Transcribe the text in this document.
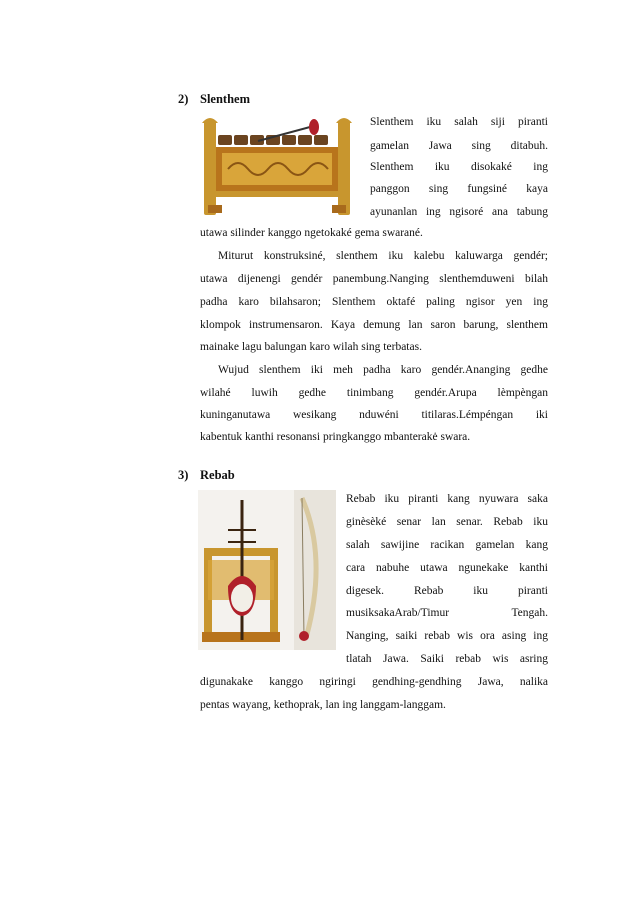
2) Slenthem
Slenthem iku salah siji piranti
gamelan Jawa sing ditabuh.
Slenthem iku disokaké ing
panggon sing fungsiné kaya
ayunanlan ing ngisoré ana tabung
utawa silinder kanggo ngetokaké gema swarané.
Miturut konstruksiné, slenthem iku kalebu kaluwarga gendér;
utawa dijenengi gendér panembung.Nanging slenthemduweni bilah
padha karo bilahsaron; Slenthem oktafé paling ngisor yen ing
klompok instrumensaron. Kaya demung lan saron barung, slenthem
mainake lagu balungan karo wilah sing terbatas.
Wujud slenthem iki meh padha karo gendér.Ananging gedhe
wilahé luwih gedhe tinimbang gendér.Arupa lèmpèngan
kuninganutawa wesikang nduwéni titilaras.Lémpéngan iki
kabentuk kanthi resonansi pringkanggo mbanterakė swara.
3) Rebab
Rebab iku piranti kang nyuwara saka
ginèsèké senar lan senar. Rebab iku
salah sawijine racikan gamelan kang
cara nabuhe utawa ngunekake kanthi
digesek. Rebab iku piranti
musiksakaArab/Timur Tengah.
Nanging, saiki rebab wis ora asing ing
tlatah Jawa. Saiki rebab wis asring
digunakake kanggo ngiringi gendhing-gendhing Jawa, nalika
pentas wayang, kethoprak, lan ing langgam-langgam.
